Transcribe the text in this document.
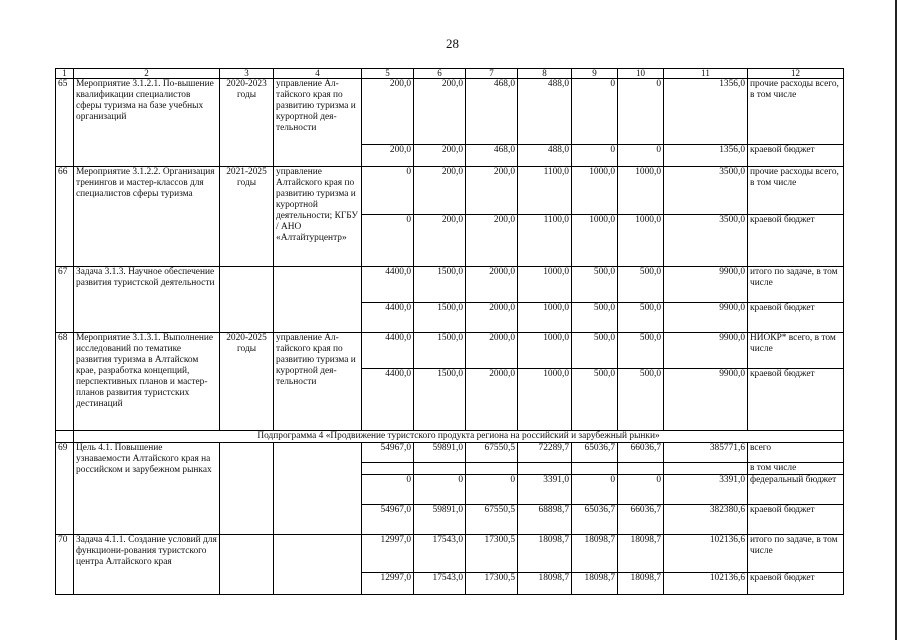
28
1	2	3	4	5	6	7	8	9	10	11	12
65	Мероприятие 3.1.2.1. По-вышение квалификации специалистов сферы туризма на базе учебных организаций	2020-2023 годы	управление Ал-тайского края по развитию туризма и курортной дея-тельности	200,0	200,0	468,0	488,0	0	0	1356,0	прочие расходы всего, в том числе
				200,0	200,0	468,0	488,0	0	0	1356,0	краевой бюджет
66	Мероприятие 3.1.2.2. Организация тренингов и мастер-классов для специалистов сферы туризма	2021-2025 годы	управление Алтайского края по развитию туризма и курортной деятельности; КГБУ / АНО «Алтайтурцентр»	0	200,0	200,0	1100,0	1000,0	1000,0	3500,0	прочие расходы всего, в том числе
				0	200,0	200,0	1100,0	1000,0	1000,0	3500,0	краевой бюджет
67	Задача 3.1.3. Научное обеспечение развития туристской деятельности			4400,0	1500,0	2000,0	1000,0	500,0	500,0	9900,0	итого по задаче, в том числе
				4400,0	1500,0	2000,0	1000,0	500,0	500,0	9900,0	краевой бюджет
68	Мероприятие 3.1.3.1. Выполнение исследований по тематике развития туризма в Алтайском крае, разработка концепций, перспективных планов и мастер-планов развития туристских дестинаций	2020-2025 годы	управление Ал-тайского края по развитию туризма и курортной дея-тельности	4400,0	1500,0	2000,0	1000,0	500,0	500,0	9900,0	НИОКР* всего, в том числе
				4400,0	1500,0	2000,0	1000,0	500,0	500,0	9900,0	краевой бюджет
	Подпрограмма 4 «Продвижение туристского продукта региона на российский и зарубежный рынки»										
69	Цель 4.1. Повышение узнаваемости Алтайского края на российском и зарубежном рынках			54967,0	59891,0	67550,5	72289,7	65036,7	66036,7	385771,6	всего
											в том числе
				0	0	0	3391,0	0	0	3391,0	федеральный бюджет
				54967,0	59891,0	67550,5	68898,7	65036,7	66036,7	382380,6	краевой бюджет
70	Задача 4.1.1. Создание условий для функциони-рования туристского центра Алтайского края			12997,0	17543,0	17300,5	18098,7	18098,7	18098,7	102136,6	итого по задаче, в том числе
				12997,0	17543,0	17300,5	18098,7	18098,7	18098,7	102136,6	краевой бюджет
